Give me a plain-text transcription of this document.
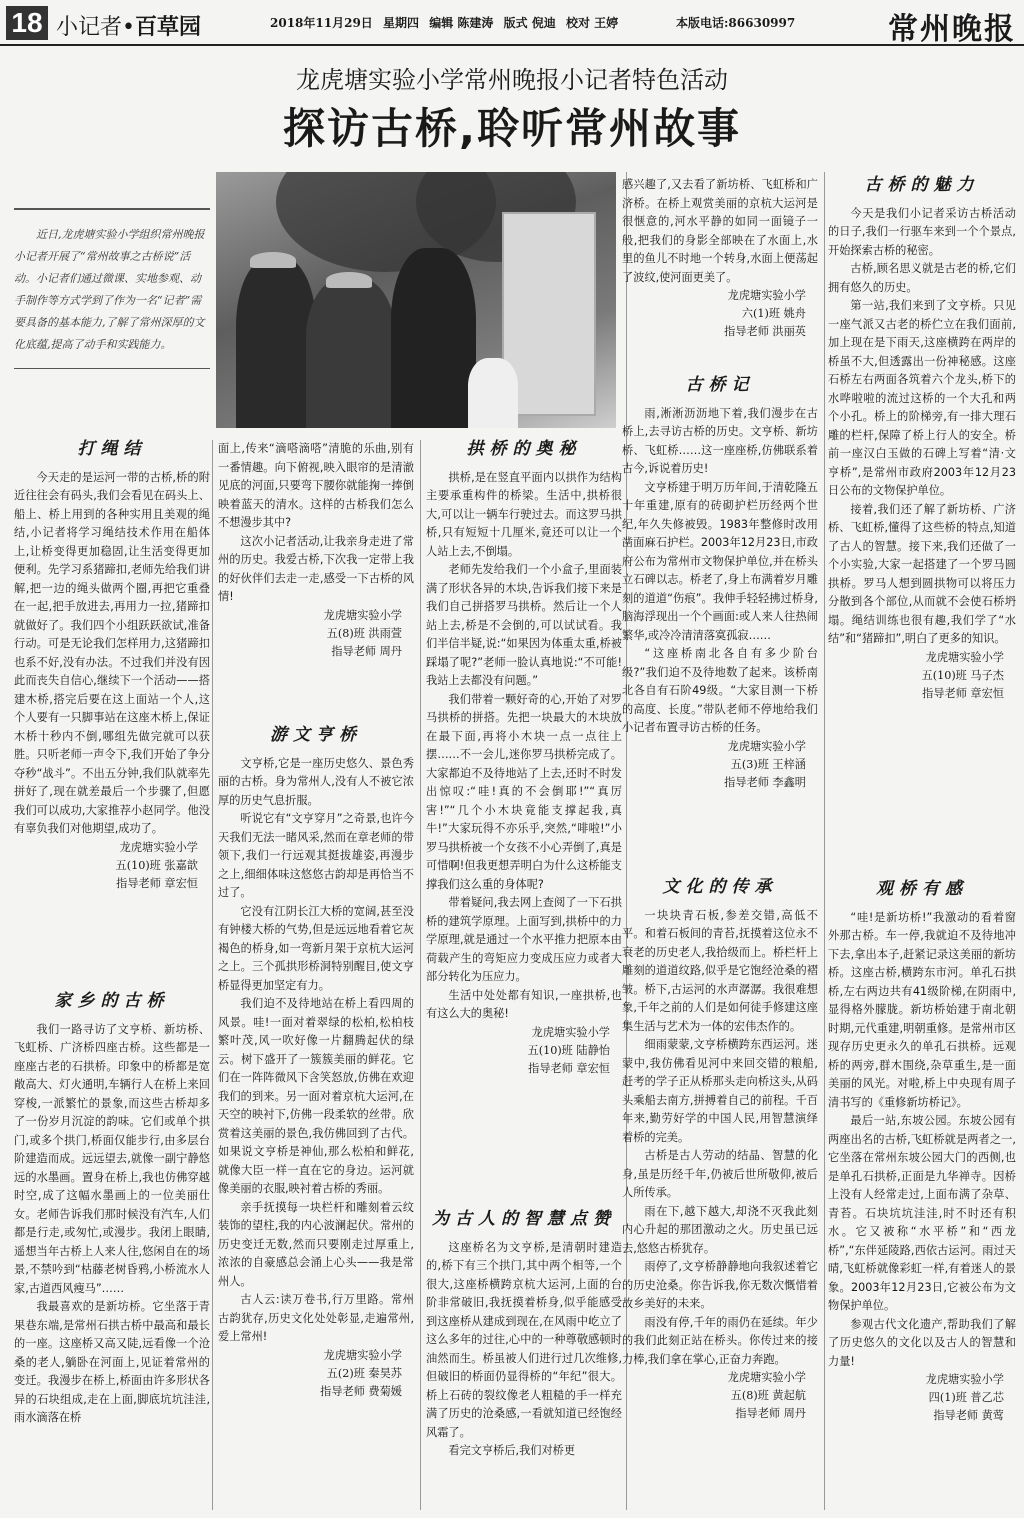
18 小记者•百草园	2018年11月29日 星期四 编辑 陈建涛 版式 倪迪 校对 王婷	本版电话:86630997	常州晚报
龙虎塘实验小学常州晚报小记者特色活动
探访古桥,聆听常州故事
近日,龙虎塘实验小学组织常州晚报小记者开展了“常州故事之古桥说”活动。小记者们通过微课、实地参观、动手制作等方式学到了作为一名“记者”需要具备的基本能力,了解了常州深厚的文化底蕴,提高了动手和实践能力。
打绳结

今天走的是运河一带的古桥,桥的附近往往会有码头,我们会看见在码头上、船上、桥上用到的各种实用且美观的绳结,小记者将学习绳结技术作用在船体上,让桥变得更加稳固,让生活变得更加便利。先学习系猪蹄扣,老师先给我们讲解,把一边的绳头做两个圈,再把它重叠在一起,把手放进去,再用力一拉,猪蹄扣就做好了。我们四个小组跃跃欲试,准备行动。可是无论我们怎样用力,这猪蹄扣也系不好,没有办法。不过我们并没有因此而丧失自信心,继续下一个活动——搭建木桥,搭完后要在这上面站一个人,这个人要有一只脚事站在这座木桥上,保证木桥十秒内不倒,哪组先做完就可以获胜。只听老师一声令下,我们开始了争分夺秒“战斗”。不出五分钟,我们队就率先拼好了,现在就差最后一个步骤了,但愿我们可以成功,大家推荐小赵同学。他没有辜负我们对他期望,成功了。

龙虎塘实验小学
五(10)班 张嘉歆
指导老师 章宏恒
家乡的古桥

我们一路寻访了文亨桥、新坊桥、飞虹桥、广济桥四座古桥。这些都是一座座古老的石拱桥。印象中的桥都是宽敞高大、灯火通明,车辆行人在桥上来回穿梭,一派繁忙的景象,而这些古桥却多了一份岁月沉淀的韵味。它们或单个拱门,或多个拱门,桥面仅能步行,由多层台阶建造而成。远远望去,就像一副宁静悠远的水墨画。置身在桥上,我也仿佛穿越时空,成了这幅水墨画上的一位美丽仕女。老师告诉我们那时候没有汽车,人们都是行走,或匆忙,或漫步。我闭上眼睛,遥想当年古桥上人来人往,悠闲自在的场景,不禁吟到“枯藤老树昏鸦,小桥流水人家,古道西风瘦马”……

我最喜欢的是新坊桥。它坐落于青果巷东端,是常州石拱古桥中最高和最长的一座。这座桥又高又陡,远看像一个沧桑的老人,躺卧在河面上,见证着常州的变迁。我漫步在桥上,桥面由许多形状各异的石块组成,走在上面,脚底坑坑洼洼,雨水滴落在桥

面上,传来“滴嗒滴嗒”清脆的乐曲,别有一番情趣。向下俯视,映入眼帘的是清澈见底的河面,只要弯下腰你就能掬一捧倒映着蓝天的清水。这样的古桥我们怎么不想漫步其中?

这次小记者活动,让我亲身走进了常州的历史。我爱古桥,下次我一定带上我的好伙伴们去走一走,感受一下古桥的风情!

龙虎塘实验小学
五(8)班 洪雨萱
指导老师 周丹
游文亨桥

文亨桥,它是一座历史悠久、景色秀丽的古桥。身为常州人,没有人不被它浓厚的历史气息折服。

听说它有“文亨穿月”之奇景,也许今天我们无法一睹风采,然而在章老师的带领下,我们一行远观其挺拔雄姿,再漫步之上,细细体味这悠悠古韵却是再恰当不过了。

它没有江阴长江大桥的宽阔,甚至没有钟楼大桥的气势,但是远远地看着它灰褐色的桥身,如一弯新月架于京杭大运河之上。三个孤拱形桥洞特别醒目,使文亨桥显得更加坚定有力。

我们迫不及待地站在桥上看四周的风景。哇!一面对着翠绿的松柏,松柏枝繁叶茂,风一吹好像一片翻腾起伏的绿云。树下盛开了一簇簇美丽的鲜花。它们在一阵阵微风下含笑怒放,仿佛在欢迎我们的到来。另一面对着京杭大运河,在天空的映衬下,仿佛一段柔软的丝带。欣赏着这美丽的景色,我仿佛回到了古代。如果说文亨桥是神仙,那么松柏和鲜花,就像大臣一样一直在它的身边。运河就像美丽的衣服,映衬着古桥的秀丽。

亲手抚摸每一块栏杆和雕刻着云纹装饰的望柱,我的内心波澜起伏。常州的历史变迁无数,然而只要刚走过厚重上,浓浓的自豪感总会涌上心头——我是常州人。

古人云:读万卷书,行万里路。常州古韵犹存,历史文化处处彰显,走遍常州,爱上常州!

龙虎塘实验小学
五(2)班 秦昊苏
指导老师 费菊媛
拱桥的奥秘

拱桥,是在竖直平面内以拱作为结构主要承重构件的桥梁。生活中,拱桥很大,可以让一辆车行驶过去。而这罗马拱桥,只有短短十几厘米,竟还可以让一个人站上去,不倒塌。

老师先发给我们一个小盒子,里面装满了形状各异的木块,告诉我们接下来是我们自己拼搭罗马拱桥。然后让一个人站上去,桥是不会倒的,可以试试看。我们半信半疑,说:“如果因为体重太重,桥被踩塌了呢?”老师一脸认真地说:“不可能!我站上去都没有问题。”

我们带着一颗好奇的心,开始了对罗马拱桥的拼搭。先把一块最大的木块放在最下面,再将小木块一点一点往上摆……不一会儿,迷你罗马拱桥完成了。大家都迫不及待地站了上去,还时不时发出惊叹:“哇!真的不会倒耶!”“真厉害!”“几个小木块竟能支撑起我,真牛!”大家玩得不亦乐乎,突然,“啡啦!”小罗马拱桥被一个女孩不小心弄倒了,真是可惜啊!但我更想弄明白为什么这桥能支撑我们这么重的身体呢?

带着疑问,我去网上查阅了一下石拱桥的建筑学原理。上面写到,拱桥中的力学原理,就是通过一个水平推力把原本由荷载产生的弯矩应力变成压应力或者大部分转化为压应力。

生活中处处都有知识,一座拱桥,也有这么大的奥秘!

龙虎塘实验小学
五(10)班 陆静怡
指导老师 章宏恒
为古人的智慧点赞

这座桥名为文亨桥,是清朝时建造的,桥下有三个拱门,其中两个相等,一个很大,这座桥横跨京杭大运河,上面的台阶非常破旧,我抚摸着桥身,似乎能感受到这座桥从建成到现在,在风雨中屹立了这么多年的过往,心中的一种尊敬感顿时油然而生。桥虽被人们进行过几次维修,但破旧的桥面仍显得桥的“年纪”很大。桥上石砖的裂纹像老人粗糙的手一样充满了历史的沧桑感,一看就知道已经饱经风霜了。

看完文亨桥后,我们对桥更

感兴趣了,又去看了新坊桥、飞虹桥和广济桥。在桥上观赏美丽的京杭大运河是很惬意的,河水平静的如同一面镜子一般,把我们的身影全部映在了水面上,水里的鱼儿不时地一个转身,水面上便荡起了波纹,使河面更美了。

龙虎塘实验小学
六(1)班 姚舟
指导老师 洪丽英
古桥记

雨,淅淅沥沥地下着,我们漫步在古桥上,去寻访古桥的历史。文亨桥、新坊桥、飞虹桥……这一座座桥,仿佛联系着古今,诉说着历史!

文亨桥建于明万历年间,于清乾隆五十年重建,原有的砖砌护栏历经两个世纪,年久失修被毁。1983年整修时改用凿面麻石护栏。2003年12月23日,市政府公布为常州市文物保护单位,并在桥头立石碑以志。桥老了,身上布满着岁月雕刻的道道“伤痕”。我伸手轻轻拂过桥身,脑海浮现出一个个画面:或人来人往热闹繁华,或冷冷清清落寞孤寂……

“这座桥南北各自有多少阶台级?”我们迫不及待地数了起来。该桥南北各自有石阶49级。“大家目测一下桥的高度、长度。”带队老师不停地给我们小记者布置寻访古桥的任务。

龙虎塘实验小学
五(3)班 王梓涵
指导老师 李鑫明
文化的传承

一块块青石板,参差交错,高低不平。和着石板间的青苔,抚摸着这位永不衰老的历史老人,我拾级而上。桥栏杆上雕刻的道道纹路,似乎是它饱经沧桑的褶皱。桥下,古运河的水声潺潺。我很难想象,千年之前的人们是如何徒手修建这座集生活与艺术为一体的宏伟杰作的。

细雨蒙蒙,文亨桥横跨东西运河。迷蒙中,我仿佛看见河中来回交错的粮船,赶考的学子正从桥那头走向桥这头,从码头乘船去南方,拼搏着自己的前程。千百年来,勤劳好学的中国人民,用智慧演绎着桥的完美。

古桥是古人劳动的结晶、智慧的化身,虽是历经千年,仍被后世所敬仰,被后人所传承。

雨在下,越下越大,却浇不灭我此刻内心升起的那团激动之火。历史虽已远去,悠悠古桥犹存。

雨停了,文亨桥静静地向我叙述着它的历史沧桑。你告诉我,你无数次慨惜着故乡美好的未来。

雨没有停,千年的雨仍在延续。年少的我们此刻正站在桥头。你传过来的接力棒,我们拿在掌心,正奋力奔跑。

龙虎塘实验小学
五(8)班 黄起航
指导老师 周丹
古桥的魅力

今天是我们小记者采访古桥活动的日子,我们一行驱车来到一个个景点,开始探索古桥的秘密。

古桥,顾名思义就是古老的桥,它们拥有悠久的历史。

第一站,我们来到了文亨桥。只见一座气派又古老的桥伫立在我们面前,加上现在是下雨天,这座横跨在两岸的桥虽不大,但透露出一份神秘感。这座石桥左右两面各筑着六个龙头,桥下的水哗啦啦的流过这桥的一个大孔和两个小孔。桥上的阶梯旁,有一排大理石雕的栏杆,保障了桥上行人的安全。桥前一座汉白玉做的石碑上写着“清·文亨桥”,是常州市政府2003年12月23日公布的文物保护单位。

接着,我们还了解了新坊桥、广济桥、飞虹桥,懂得了这些桥的特点,知道了古人的智慧。接下来,我们还做了一个小实验,大家一起搭建了一个罗马圆拱桥。罗马人想到圆拱物可以将压力分散到各个部位,从而就不会使石桥坍塌。绳结训练也很有趣,我们学了“水结”和“猪蹄扣”,明白了更多的知识。

龙虎塘实验小学
五(10)班 马子杰
指导老师 章宏恒
观桥有感

“哇!是新坊桥!”我激动的看着窗外那古桥。车一停,我就迫不及待地冲下去,拿出本子,赶紧记录这美丽的新坊桥。这座古桥,横跨东市河。单孔石拱桥,左右两边共有41级阶梯,在阴雨中,显得格外朦胧。新坊桥始建于南北朝时期,元代重建,明朝重修。是常州市区现存历史更永久的单孔石拱桥。远观桥的两旁,群木围绕,杂草重生,是一面美丽的风光。对啦,桥上中央现有周子清书写的《重修新坊桥记》。

最后一站,东坡公园。东坡公园有两座出名的古桥,飞虹桥就是两者之一,它坐落在常州东坡公园大门的西侧,也是单孔石拱桥,正面是九华禅寺。因桥上没有人经常走过,上面布满了杂草、青苔。石块坑坑洼洼,时不时还有积水。它又被称“水平桥”和“西龙桥”,“东伴延陵路,西依古运河。雨过天晴,飞虹桥就像彩虹一样,有着迷人的景象。2003年12月23日,它被公布为文物保护单位。

参观古代文化遗产,帮助我们了解了历史悠久的文化以及古人的智慧和力量!

龙虎塘实验小学
四(1)班 普乙芯
指导老师 黄莺
